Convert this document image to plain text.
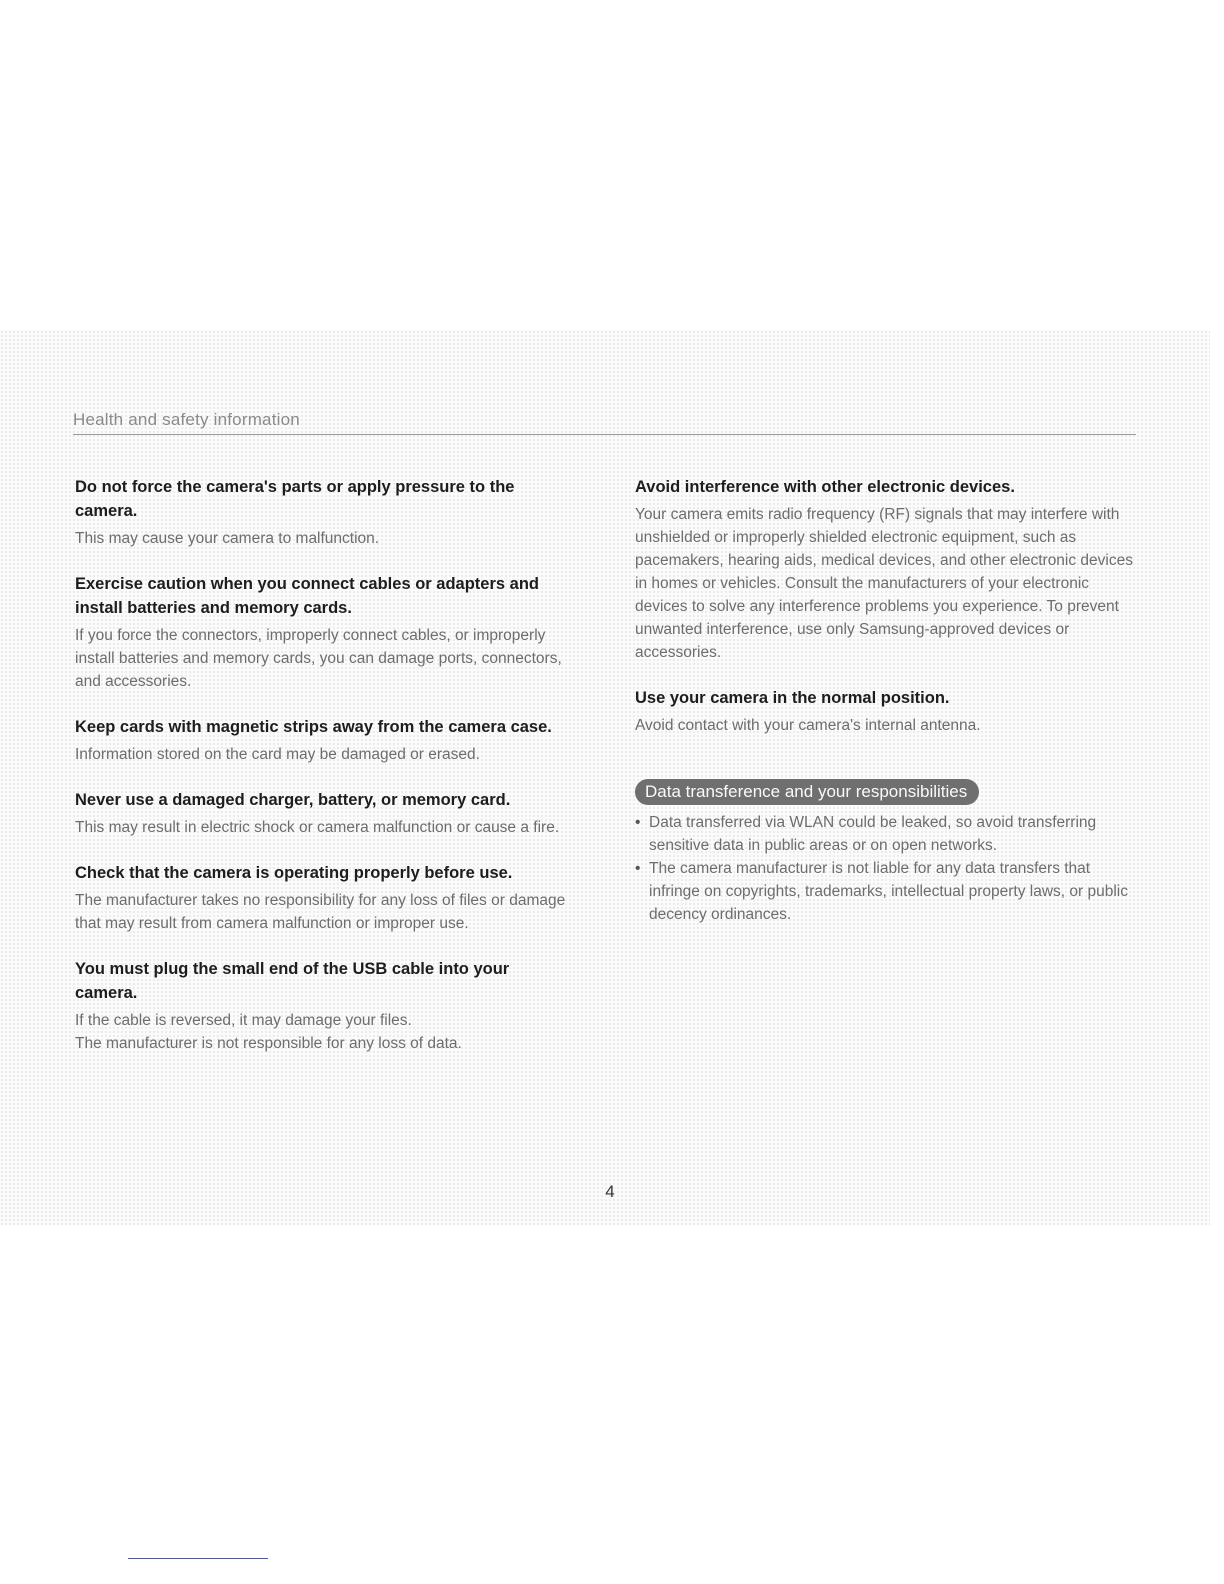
Health and safety information
Do not force the camera's parts or apply pressure to the camera.

This may cause your camera to malfunction.

Exercise caution when you connect cables or adapters and install batteries and memory cards.

If you force the connectors, improperly connect cables, or improperly install batteries and memory cards, you can damage ports, connectors, and accessories.

Keep cards with magnetic strips away from the camera case.

Information stored on the card may be damaged or erased.

Never use a damaged charger, battery, or memory card.

This may result in electric shock or camera malfunction or cause a fire.

Check that the camera is operating properly before use.

The manufacturer takes no responsibility for any loss of files or damage that may result from camera malfunction or improper use.

You must plug the small end of the USB cable into your camera.

If the cable is reversed, it may damage your files.

The manufacturer is not responsible for any loss of data.

Avoid interference with other electronic devices.

Your camera emits radio frequency (RF) signals that may interfere with unshielded or improperly shielded electronic equipment, such as pacemakers, hearing aids, medical devices, and other electronic devices in homes or vehicles. Consult the manufacturers of your electronic devices to solve any interference problems you experience. To prevent unwanted interference, use only Samsung-approved devices or accessories.

Use your camera in the normal position.

Avoid contact with your camera's internal antenna.

Data transference and your responsibilities
• Data transferred via WLAN could be leaked, so avoid transferring sensitive data in public areas or on open networks.
• The camera manufacturer is not liable for any data transfers that infringe on copyrights, trademarks, intellectual property laws, or public decency ordinances.
4
